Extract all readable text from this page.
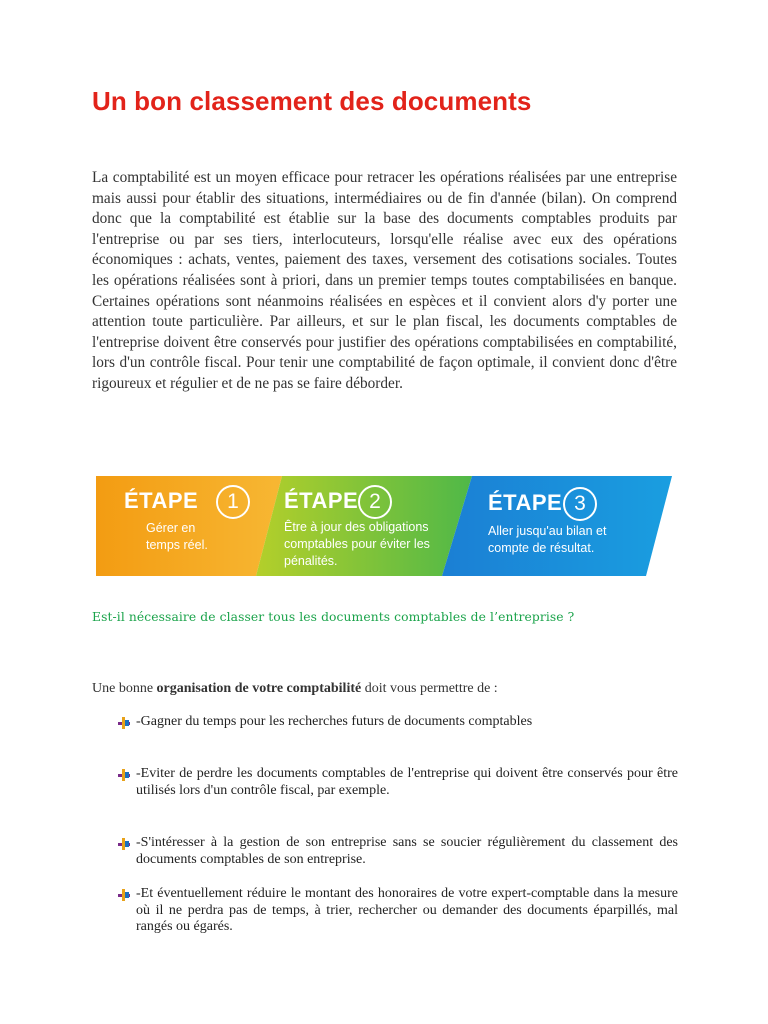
Un bon classement des documents

La comptabilité est un moyen efficace pour retracer les opérations réalisées par une entreprise mais aussi pour établir des situations, intermédiaires ou de fin d'année (bilan). On comprend donc que la comptabilité est établie sur la base des documents comptables produits par l'entreprise ou par ses tiers, interlocuteurs, lorsqu'elle réalise avec eux des opérations économiques : achats, ventes, paiement des taxes, versement des cotisations sociales. Toutes les opérations réalisées sont à priori, dans un premier temps toutes comptabilisées en banque. Certaines opérations sont néanmoins réalisées en espèces et il convient alors d'y porter une attention toute particulière. Par ailleurs, et sur le plan fiscal, les documents comptables de l'entreprise doivent être conservés pour justifier des opérations comptabilisées en comptabilité, lors d'un contrôle fiscal. Pour tenir une comptabilité de façon optimale, il convient donc d'être rigoureux et régulier et de ne pas se faire déborder.

ÉTAPE	1
Gérer en
temps réel.
ÉTAPE 2
Être à jour des obligations
comptables pour éviter les
pénalités.
ÉTAPE 3
Aller jusqu'au bilan et
compte de résultat.

Est-il nécessaire de classer tous les documents comptables de l’entreprise ?

Une bonne organisation de votre comptabilité doit vous permettre de :

-Gagner du temps pour les recherches futurs de documents comptables
-Eviter de perdre les documents comptables de l'entreprise qui doivent être conservés pour être utilisés lors d'un contrôle fiscal, par exemple.
-S'intéresser à la gestion de son entreprise sans se soucier régulièrement du classement des documents comptables de son entreprise.
-Et éventuellement réduire le montant des honoraires de votre expert-comptable dans la mesure où il ne perdra pas de temps, à trier, rechercher ou demander des documents éparpillés, mal rangés ou égarés.
